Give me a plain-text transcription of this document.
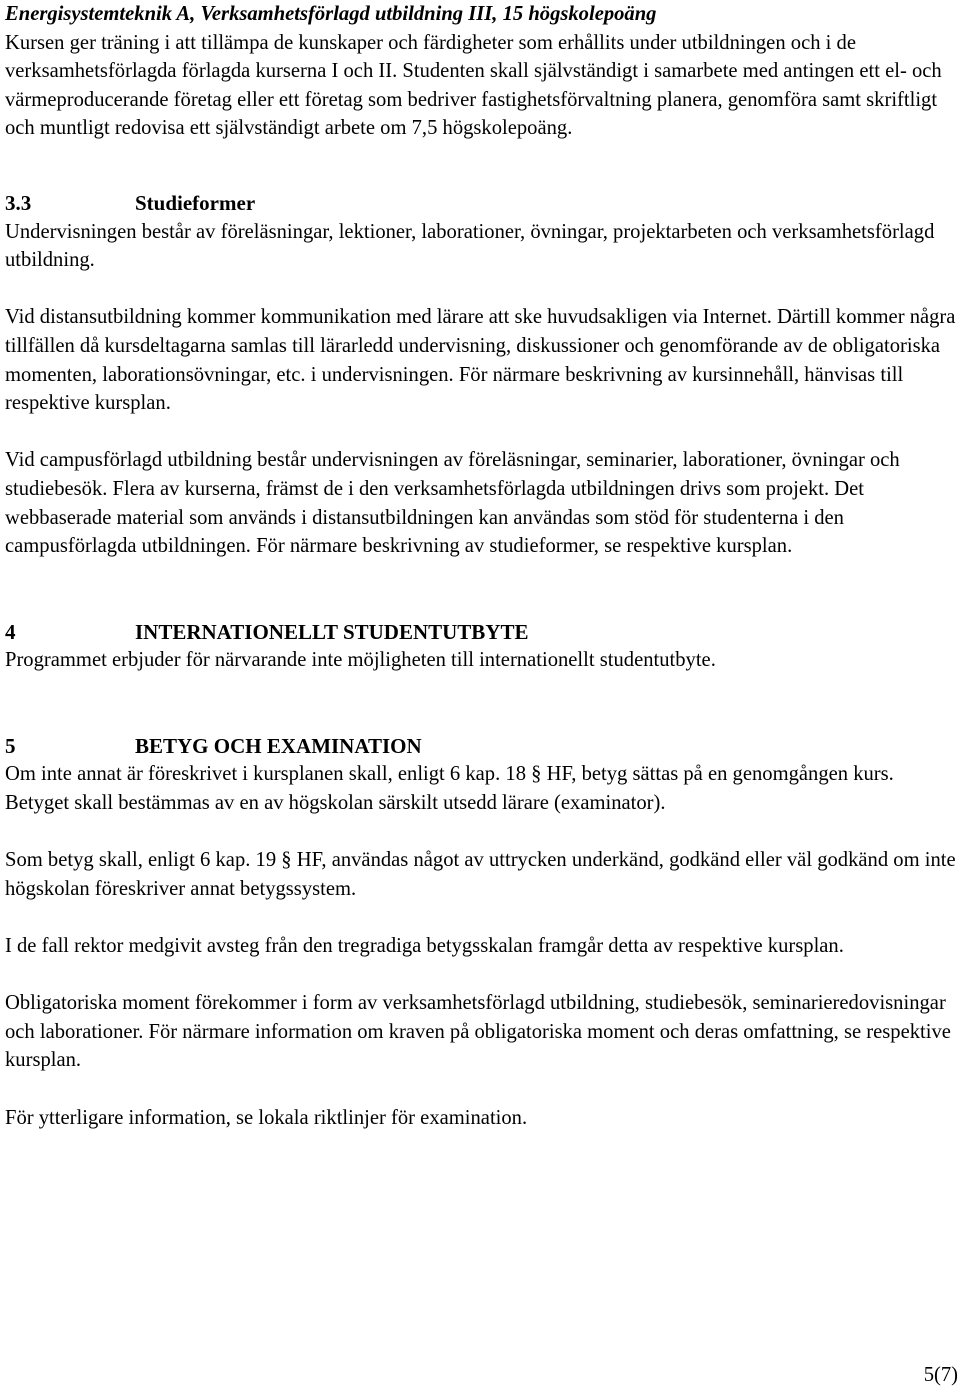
Energisystemteknik A, Verksamhetsförlagd utbildning III, 15 högskolepoäng

Kursen ger träning i att tillämpa de kunskaper och färdigheter som erhållits under utbildningen och i de verksamhetsförlagda förlagda kurserna I och II. Studenten skall självständigt i samarbete med antingen ett el- och värmeproducerande företag eller ett företag som bedriver fastighetsförvaltning planera, genomföra samt skriftligt och muntligt redovisa ett självständigt arbete om 7,5 högskolepoäng.

3.3	Studieformer

Undervisningen består av föreläsningar, lektioner, laborationer, övningar, projektarbeten och verksamhetsförlagd utbildning.

Vid distansutbildning kommer kommunikation med lärare att ske huvudsakligen via Internet. Därtill kommer några tillfällen då kursdeltagarna samlas till lärarledd undervisning, diskussioner och genomförande av de obligatoriska momenten, laborationsövningar, etc. i undervisningen. För närmare beskrivning av kursinnehåll, hänvisas till respektive kursplan.

Vid campusförlagd utbildning består undervisningen av föreläsningar, seminarier, laborationer, övningar och studiebesök. Flera av kurserna, främst de i den verksamhetsförlagda utbildningen drivs som projekt. Det webbaserade material som används i distansutbildningen kan användas som stöd för studenterna i den campusförlagda utbildningen. För närmare beskrivning av studieformer, se respektive kursplan.

4	INTERNATIONELLT STUDENTUTBYTE

Programmet erbjuder för närvarande inte möjligheten till internationellt studentutbyte.

5	BETYG OCH EXAMINATION

Om inte annat är föreskrivet i kursplanen skall, enligt 6 kap. 18 § HF, betyg sättas på en genomgången kurs. Betyget skall bestämmas av en av högskolan särskilt utsedd lärare (examinator).

Som betyg skall, enligt 6 kap. 19 § HF, användas något av uttrycken underkänd, godkänd eller väl godkänd om inte högskolan föreskriver annat betygssystem.

I de fall rektor medgivit avsteg från den tregradiga betygsskalan framgår detta av respektive kursplan.

Obligatoriska moment förekommer i form av verksamhetsförlagd utbildning, studiebesök, seminarieredovisningar och laborationer. För närmare information om kraven på obligatoriska moment och deras omfattning, se respektive kursplan.

För ytterligare information, se lokala riktlinjer för examination.

5(7)
